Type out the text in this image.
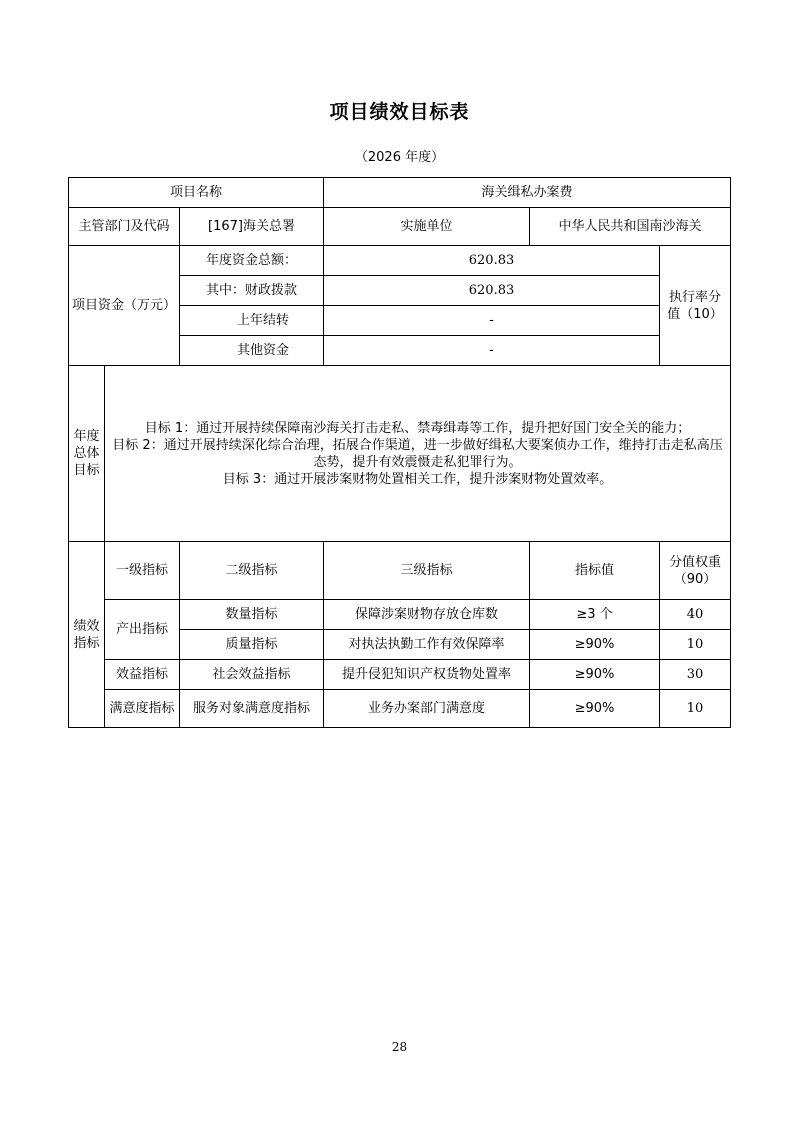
项目绩效目标表
（2026 年度）
项目名称			海关缉私办案费		
主管部门及代码		[167]海关总署	实施单位	中华人民共和国南沙海关	
项目资金（万元）		年度资金总额：	620.83		执行率分值（10）
		其中：财政拨款	620.83		
		上年结转	-		
		其他资金	-		
年度总体目标	目标 1：通过开展持续保障南沙海关打击走私、禁毒缉毒等工作，提升把好国门安全关的能力；
目标 2：通过开展持续深化综合治理，拓展合作渠道，进一步做好缉私大要案侦办工作，维持打击走私高压态势，提升有效震慑走私犯罪行为。
目标 3：通过开展涉案财物处置相关工作，提升涉案财物处置效率。				

绩效指标	一级指标	二级指标	三级指标	指标值	分值权重（90）
	产出指标	数量指标	保障涉案财物存放仓库数	≥3 个	40
		质量指标	对执法执勤工作有效保障率	≥90%	10
	效益指标	社会效益指标	提升侵犯知识产权货物处置率	≥90%	30
	满意度指标	服务对象满意度指标	业务办案部门满意度	≥90%	10
28
